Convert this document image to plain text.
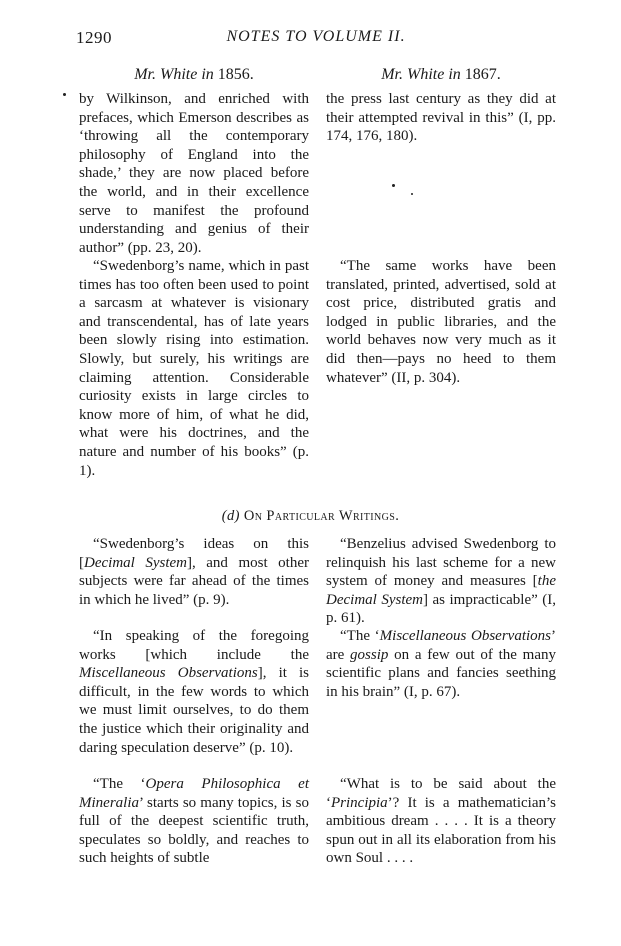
1290	NOTES TO VOLUME II.
Mr. White in 1856.	Mr. White in 1867.

by Wilkinson, and enriched with prefaces, which Emerson describes as ‘throwing all the contemporary philosophy of England into the shade,’ they are now placed before the world, and in their excellence serve to manifest the profound understanding and genius of their author” (pp. 23, 20).

the press last century as they did at their attempted revival in this” (I, pp. 174, 176, 180).

“Swedenborg’s name, which in past times has too often been used to point a sarcasm at whatever is visionary and transcendental, has of late years been slowly rising into estimation. Slowly, but surely, his writings are claiming attention. Considerable curiosity exists in large circles to know more of him, of what he did, what were his doctrines, and the nature and number of his books” (p. 1).

“The same works have been translated, printed, advertised, sold at cost price, distributed gratis and lodged in public libraries, and the world behaves now very much as it did then—pays no heed to them whatever” (II, p. 304).

(d) On Particular Writings.

“Swedenborg’s ideas on this [Decimal System], and most other subjects were far ahead of the times in which he lived” (p. 9).

“Benzelius advised Swedenborg to relinquish his last scheme for a new system of money and measures [the Decimal System] as impracticable” (I, p. 61).

“In speaking of the foregoing works [which include the Miscellaneous Observations], it is difficult, in the few words to which we must limit ourselves, to do them the justice which their originality and daring speculation deserve” (p. 10).

“The ‘Miscellaneous Observations’ are gossip on a few out of the many scientific plans and fancies seething in his brain” (I, p. 67).

“The ‘Opera Philosophica et Mineralia’ starts so many topics, is so full of the deepest scientific truth, speculates so boldly, and reaches to such heights of subtle

“What is to be said about the ‘Principia’? It is a mathematician’s ambitious dream . . . . It is a theory spun out in all its elaboration from his own Soul . . . .
